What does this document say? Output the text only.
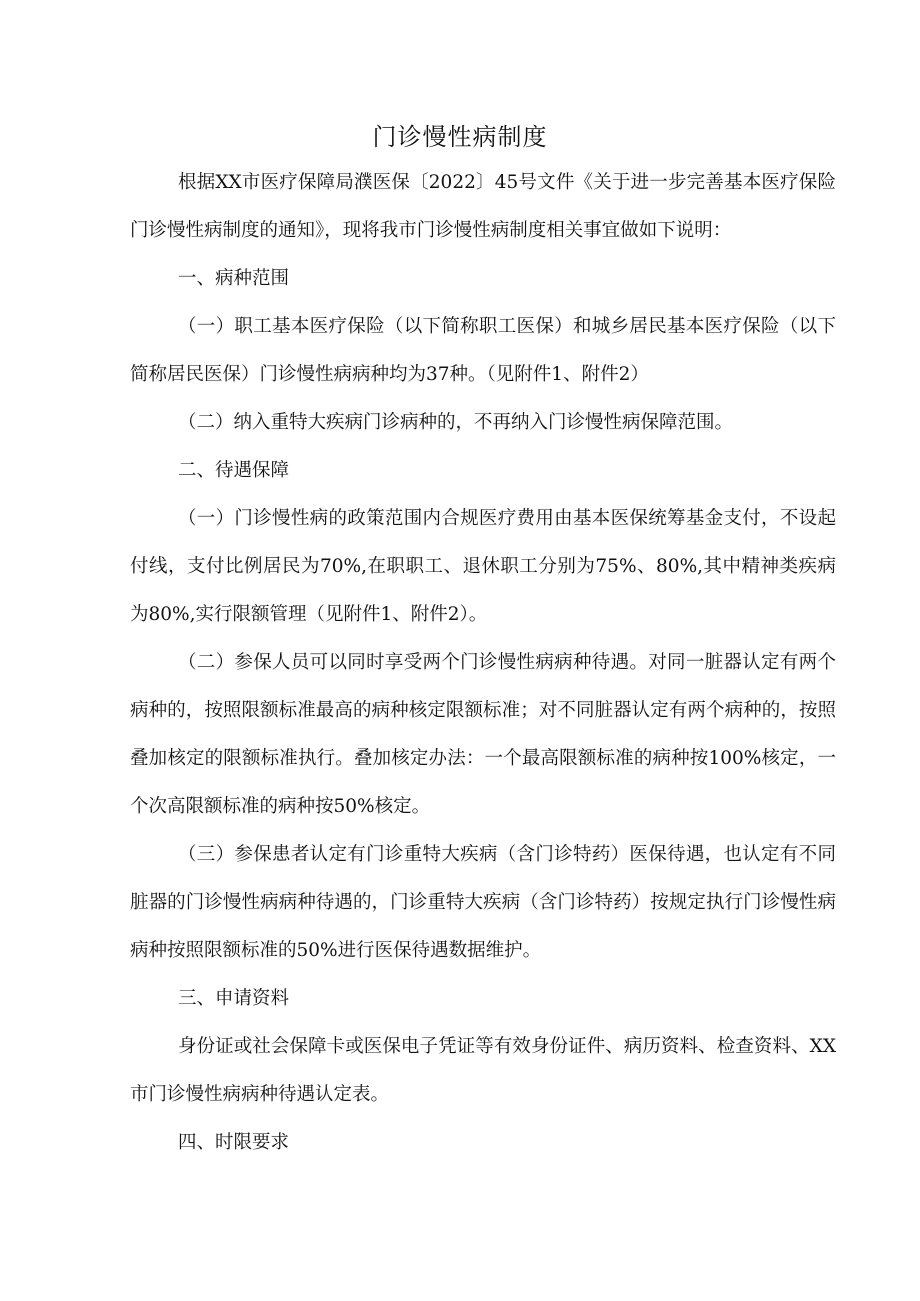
门诊慢性病制度

根据XX市医疗保障局濮医保〔2022〕45号文件《关于进一步完善基本医疗保险门诊慢性病制度的通知》，现将我市门诊慢性病制度相关事宜做如下说明：

一、病种范围

（一）职工基本医疗保险（以下简称职工医保）和城乡居民基本医疗保险（以下简称居民医保）门诊慢性病病种均为37种。（见附件1、附件2）

（二）纳入重特大疾病门诊病种的，不再纳入门诊慢性病保障范围。

二、待遇保障

（一）门诊慢性病的政策范围内合规医疗费用由基本医保统筹基金支付，不设起付线，支付比例居民为70%,在职职工、退休职工分别为75%、80%,其中精神类疾病为80%,实行限额管理（见附件1、附件2）。

（二）参保人员可以同时享受两个门诊慢性病病种待遇。对同一脏器认定有两个病种的，按照限额标准最高的病种核定限额标准；对不同脏器认定有两个病种的，按照叠加核定的限额标准执行。叠加核定办法：一个最高限额标准的病种按100%核定，一个次高限额标准的病种按50%核定。

（三）参保患者认定有门诊重特大疾病（含门诊特药）医保待遇，也认定有不同脏器的门诊慢性病病种待遇的，门诊重特大疾病（含门诊特药）按规定执行门诊慢性病病种按照限额标准的50%进行医保待遇数据维护。

三、申请资料

身份证或社会保障卡或医保电子凭证等有效身份证件、病历资料、检查资料、XX市门诊慢性病病种待遇认定表。

四、时限要求
